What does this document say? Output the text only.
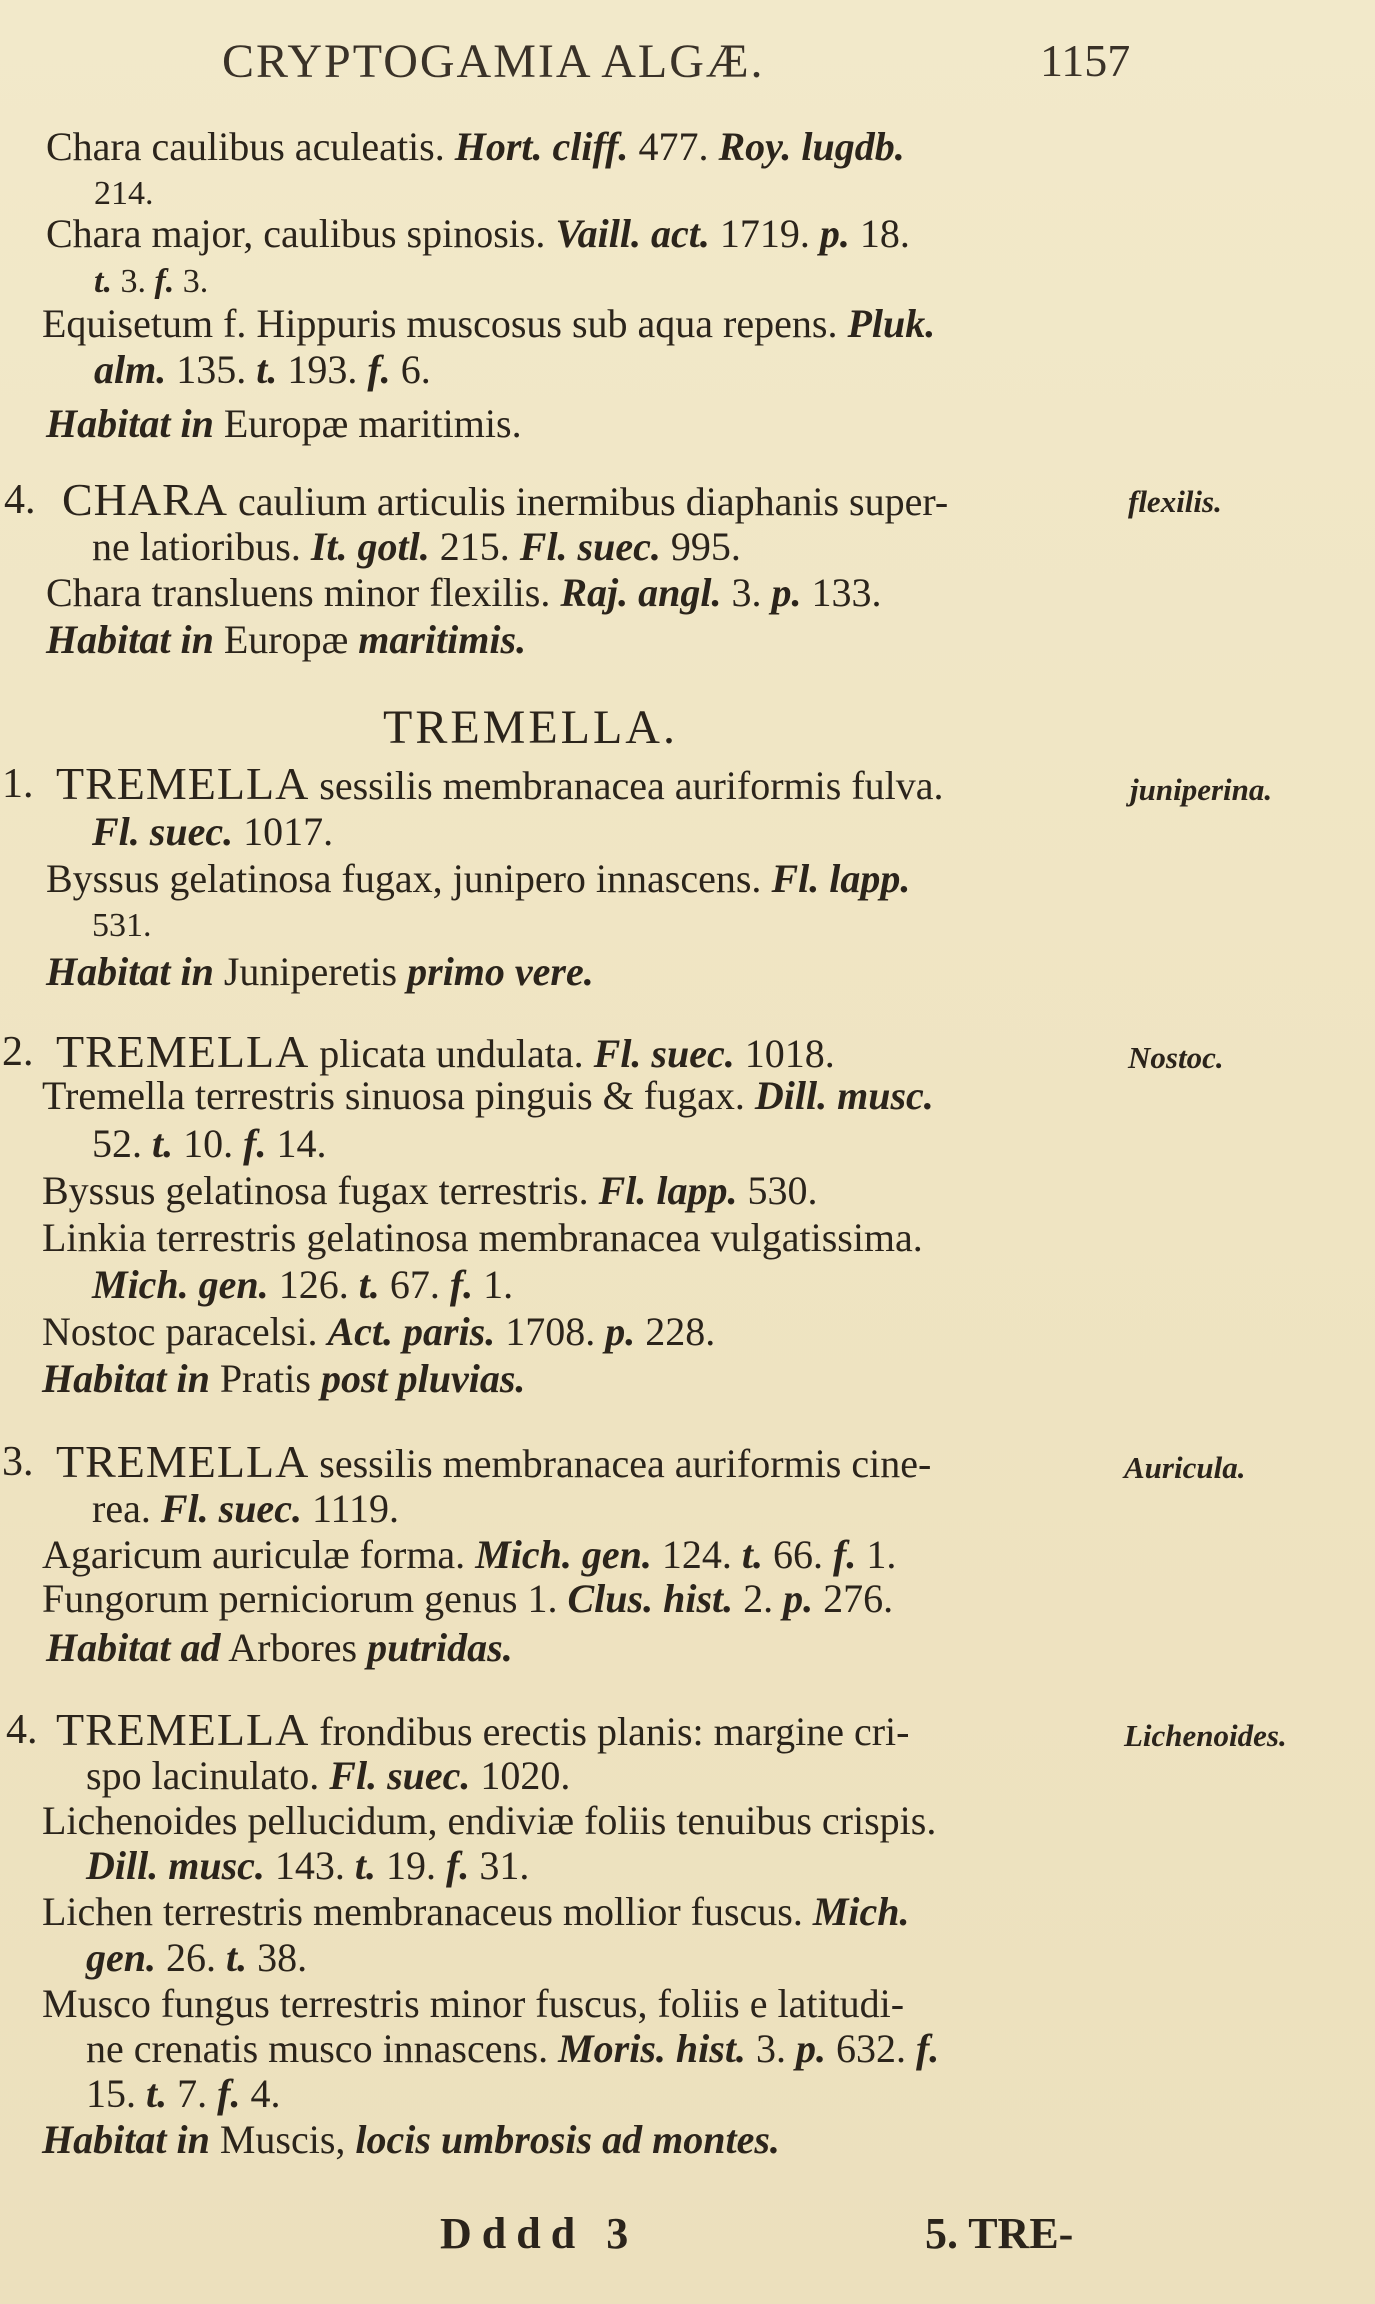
CRYPTOGAMIA ALGÆ.	1157
Chara caulibus aculeatis. Hort. cliff. 477. Roy. lugdb.
214.
Chara major, caulibus spinosis. Vaill. act. 1719. p. 18.
t. 3. f. 3.
Equisetum f. Hippuris muscosus sub aqua repens. Pluk.
alm. 135. t. 193. f. 6.
Habitat in Europæ maritimis.
4.	flexilis.
CHARA caulium articulis inermibus diaphanis super-
ne latioribus. It. gotl. 215. Fl. suec. 995.
Chara transluens minor flexilis. Raj. angl. 3. p. 133.
Habitat in Europæ maritimis.
TREMELLA.
1.	juniperina.
TREMELLA sessilis membranacea auriformis fulva.
Fl. suec. 1017.
Byssus gelatinosa fugax, junipero innascens. Fl. lapp.
531.
Habitat in Juniperetis primo vere.
2.	Nostoc.
TREMELLA plicata undulata. Fl. suec. 1018.
Tremella terrestris sinuosa pinguis & fugax. Dill. musc.
52. t. 10. f. 14.
Byssus gelatinosa fugax terrestris. Fl. lapp. 530.
Linkia terrestris gelatinosa membranacea vulgatissima.
Mich. gen. 126. t. 67. f. 1.
Nostoc paracelsi. Act. paris. 1708. p. 228.
Habitat in Pratis post pluvias.
3.	Auricula.
TREMELLA sessilis membranacea auriformis cine-
rea. Fl. suec. 1119.
Agaricum auriculæ forma. Mich. gen. 124. t. 66. f. 1.
Fungorum perniciorum genus 1. Clus. hist. 2. p. 276.
Habitat ad Arbores putridas.
4.	Lichenoides.
TREMELLA frondibus erectis planis: margine cri-
spo lacinulato. Fl. suec. 1020.
Lichenoides pellucidum, endiviæ foliis tenuibus crispis.
Dill. musc. 143. t. 19. f. 31.
Lichen terrestris membranaceus mollior fuscus. Mich.
gen. 26. t. 38.
Musco fungus terrestris minor fuscus, foliis e latitudi-
ne crenatis musco innascens. Moris. hist. 3. p. 632. f.
15. t. 7. f. 4.
Habitat in Muscis, locis umbrosis ad montes.
Dddd 3	5. TRE-
